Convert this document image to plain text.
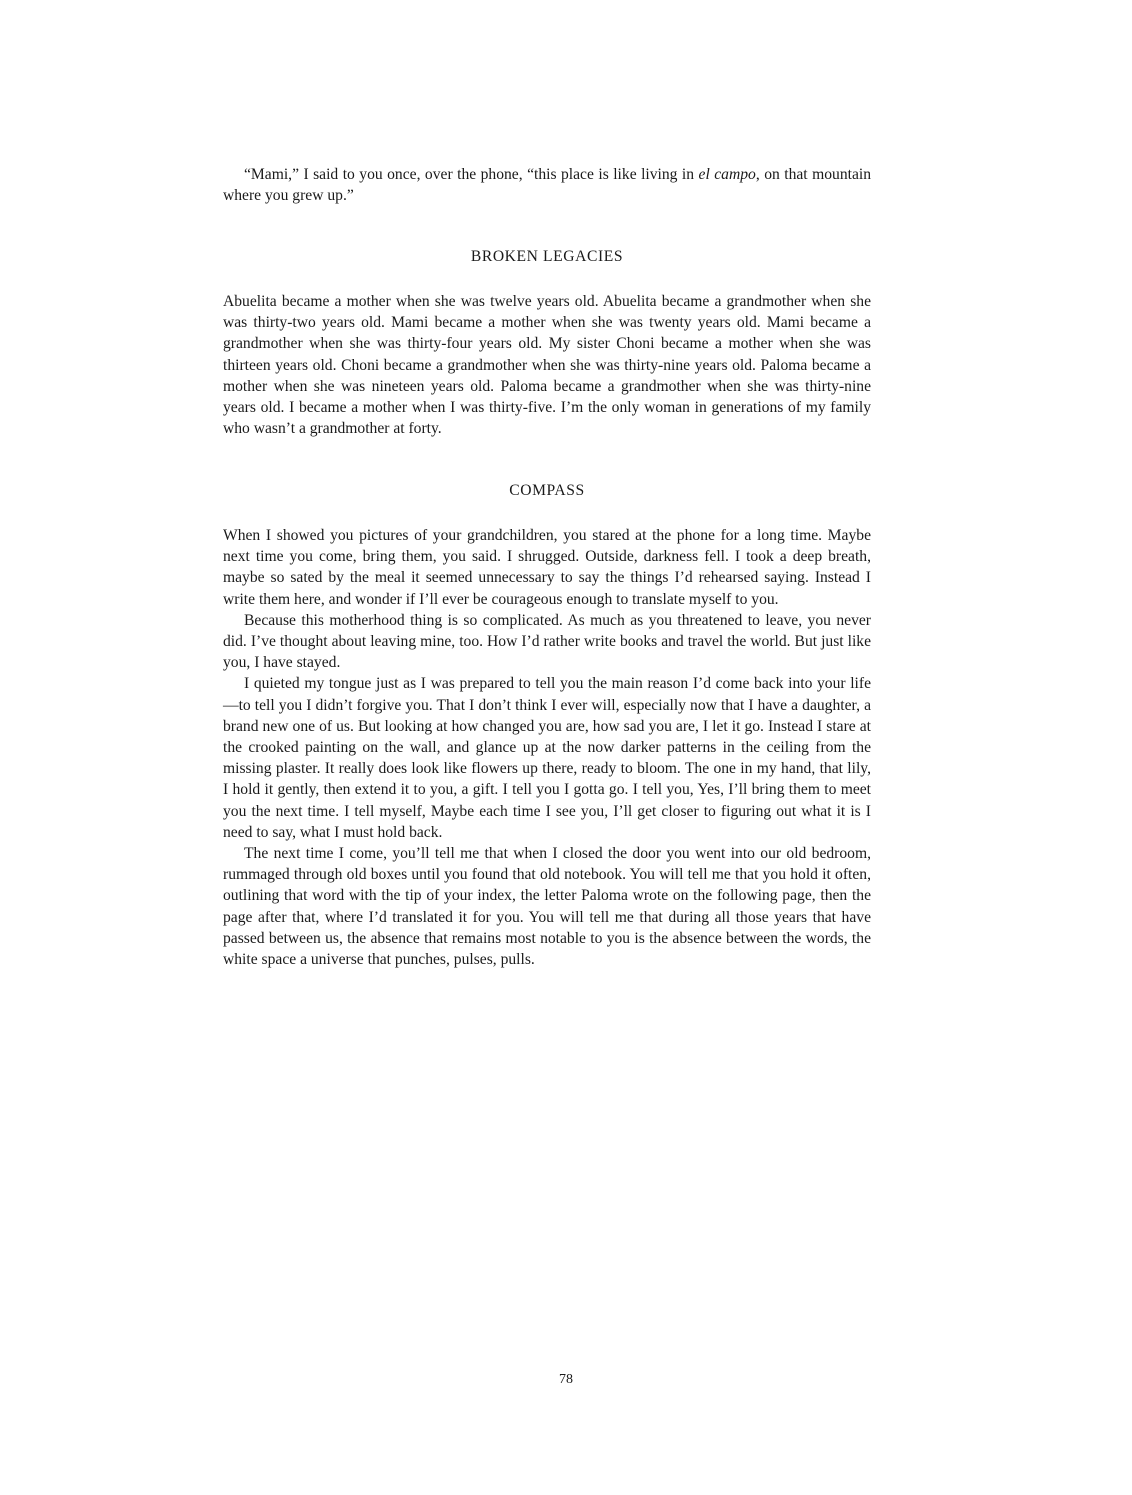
“Mami,” I said to you once, over the phone, “this place is like living in el campo, on that mountain where you grew up.”

BROKEN LEGACIES

Abuelita became a mother when she was twelve years old. Abuelita became a grandmother when she was thirty-two years old. Mami became a mother when she was twenty years old. Mami became a grandmother when she was thirty-four years old. My sister Choni became a mother when she was thirteen years old. Choni became a grandmother when she was thirty-nine years old. Paloma became a mother when she was nineteen years old. Paloma became a grandmother when she was thirty-nine years old. I became a mother when I was thirty-five. I’m the only woman in generations of my family who wasn’t a grandmother at forty.

COMPASS

When I showed you pictures of your grandchildren, you stared at the phone for a long time. Maybe next time you come, bring them, you said. I shrugged. Outside, darkness fell. I took a deep breath, maybe so sated by the meal it seemed unnecessary to say the things I’d rehearsed saying. Instead I write them here, and wonder if I’ll ever be courageous enough to translate myself to you.

Because this motherhood thing is so complicated. As much as you threatened to leave, you never did. I’ve thought about leaving mine, too. How I’d rather write books and travel the world. But just like you, I have stayed.

I quieted my tongue just as I was prepared to tell you the main reason I’d come back into your life—to tell you I didn’t forgive you. That I don’t think I ever will, especially now that I have a daughter, a brand new one of us. But looking at how changed you are, how sad you are, I let it go. Instead I stare at the crooked painting on the wall, and glance up at the now darker patterns in the ceiling from the missing plaster. It really does look like flowers up there, ready to bloom. The one in my hand, that lily, I hold it gently, then extend it to you, a gift. I tell you I gotta go. I tell you, Yes, I’ll bring them to meet you the next time. I tell myself, Maybe each time I see you, I’ll get closer to figuring out what it is I need to say, what I must hold back.

The next time I come, you’ll tell me that when I closed the door you went into our old bedroom, rummaged through old boxes until you found that old notebook. You will tell me that you hold it often, outlining that word with the tip of your index, the letter Paloma wrote on the following page, then the page after that, where I’d translated it for you. You will tell me that during all those years that have passed between us, the absence that remains most notable to you is the absence between the words, the white space a universe that punches, pulses, pulls.

78
